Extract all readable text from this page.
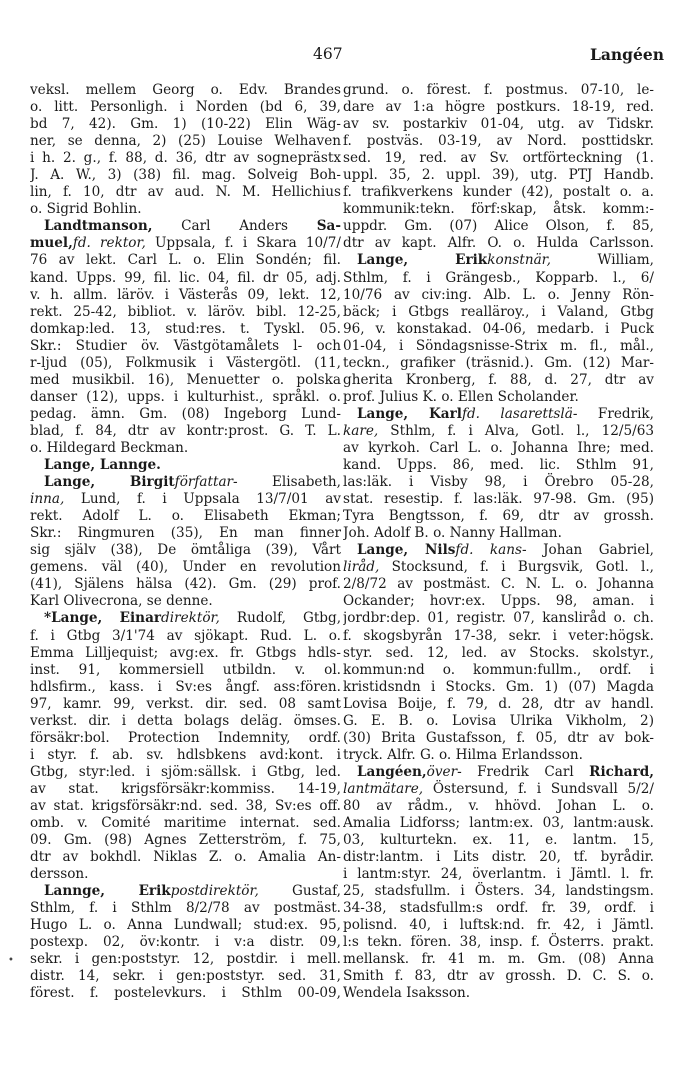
467	Langéen
veksl. mellem Georg o. Edv. Brandes
o. litt. Personligh. i Norden (bd 6, 39,
bd 7, 42). Gm. 1) (10-22) Elin Wäg-
ner, se denna, 2) (25) Louise Welhaven
i h. 2. g., f. 88, d. 36, dtr av sogneprästx
J. A. W., 3) (38) fil. mag. Solveig Boh-
lin, f. 10, dtr av aud. N. M. Hellichius
o. Sigrid Bohlin.
Landtmanson, Carl Anders Sa-
muel,fd. rektor, Uppsala, f. i Skara 10/7/
76 av lekt. Carl L. o. Elin Sondén; fil.
kand. Upps. 99, fil. lic. 04, fil. dr 05, adj.
v. h. allm. läröv. i Västerås 09, lekt. 12,
rekt. 25-42, bibliot. v. läröv. bibl. 12-25,
domkap:led. 13, stud:res. t. Tyskl. 05.
Skr.: Studier öv. Västgötamålets l- och
r-ljud (05), Folkmusik i Västergötl. (11,
med musikbil. 16), Menuetter o. polska
danser (12), upps. i kulturhist., språkl. o.
pedag. ämn. Gm. (08) Ingeborg Lund-
blad, f. 84, dtr av kontr:prost. G. T. L.
o. Hildegard Beckman.
Lange, Lannge.
Lange, Birgitförfattar- Elisabeth,
inna, Lund, f. i Uppsala 13/7/01 av
rekt. Adolf L. o. Elisabeth Ekman;
Skr.: Ringmuren (35), En man finner
sig själv (38), De ömtåliga (39), Vårt
gemens. väl (40), Under en revolution
(41), Själens hälsa (42). Gm. (29) prof.
Karl Olivecrona, se denne.
*Lange, Einardirektör, Rudolf, Gtbg,
f. i Gtbg 3/1'74 av sjökapt. Rud. L. o.
Emma Lilljequist; avg:ex. fr. Gtbgs hdls-
inst. 91, kommersiell utbildn. v. ol.
hdlsfirm., kass. i Sv:es ångf. ass:fören.
97, kamr. 99, verkst. dir. sed. 08 samt
verkst. dir. i detta bolags deläg. ömses.
försäkr:bol. Protection Indemnity, ordf.
i styr. f. ab. sv. hdlsbkens avd:kont. i
Gtbg, styr:led. i sjöm:sällsk. i Gtbg, led.
av stat. krigsförsäkr:kommiss. 14-19,
av stat. krigsförsäkr:nd. sed. 38, Sv:es off.
omb. v. Comité maritime internat. sed.
09. Gm. (98) Agnes Zetterström, f. 75,
dtr av bokhdl. Niklas Z. o. Amalia An-
dersson.
Lannge, Erikpostdirektör, Gustaf,
Sthlm, f. i Sthlm 8/2/78 av postmäst.
Hugo L. o. Anna Lundwall; stud:ex. 95,
postexp. 02, öv:kontr. i v:a distr. 09,
sekr. i gen:poststyr. 12, postdir. i mell.
distr. 14, sekr. i gen:poststyr. sed. 31,
förest. f. postelevkurs. i Sthlm 00-09,
grund. o. förest. f. postmus. 07-10, le-
dare av 1:a högre postkurs. 18-19, red.
av sv. postarkiv 01-04, utg. av Tidskr.
f. postväs. 03-19, av Nord. posttidskr.
sed. 19, red. av Sv. ortförteckning (1.
uppl. 35, 2. uppl. 39), utg. PTJ Handb.
f. trafikverkens kunder (42), postalt o. a.
kommunik:tekn. förf:skap, åtsk. komm:-
uppdr. Gm. (07) Alice Olson, f. 85,
dtr av kapt. Alfr. O. o. Hulda Carlsson.
Lange, Erikkonstnär, William,
Sthlm, f. i Grängesb., Kopparb. l., 6/
10/76 av civ:ing. Alb. L. o. Jenny Rön-
bäck; i Gtbgs realläroy., i Valand, Gtbg
96, v. konstakad. 04-06, medarb. i Puck
01-04, i Söndagsnisse-Strix m. fl., mål.,
teckn., grafiker (träsnid.). Gm. (12) Mar-
gherita Kronberg, f. 88, d. 27, dtr av
prof. Julius K. o. Ellen Scholander.
Lange, Karlfd. lasarettslä- Fredrik,
kare, Sthlm, f. i Alva, Gotl. l., 12/5/63
av kyrkoh. Carl L. o. Johanna Ihre; med.
kand. Upps. 86, med. lic. Sthlm 91,
las:läk. i Visby 98, i Örebro 05-28,
stat. resestip. f. las:läk. 97-98. Gm. (95)
Tyra Bengtsson, f. 69, dtr av grossh.
Joh. Adolf B. o. Nanny Hallman.
Lange, Nilsfd. kans- Johan Gabriel,
liråd, Stocksund, f. i Burgsvik, Gotl. l.,
2/8/72 av postmäst. C. N. L. o. Johanna
Ockander; hovr:ex. Upps. 98, aman. i
jordbr:dep. 01, registr. 07, kansliråd o. ch.
f. skogsbyrån 17-38, sekr. i veter:högsk.
styr. sed. 12, led. av Stocks. skolstyr.,
kommun:nd o. kommun:fullm., ordf. i
kristidsndn i Stocks. Gm. 1) (07) Magda
Lovisa Boije, f. 79, d. 28, dtr av handl.
G. E. B. o. Lovisa Ulrika Vikholm, 2)
(30) Brita Gustafsson, f. 05, dtr av bok-
tryck. Alfr. G. o. Hilma Erlandsson.
Langéen,över- Fredrik Carl Richard,
lantmätare, Östersund, f. i Sundsvall 5/2/
80 av rådm., v. hhövd. Johan L. o.
Amalia Lidforss; lantm:ex. 03, lantm:ausk.
03, kulturtekn. ex. 11, e. lantm. 15,
distr:lantm. i Lits distr. 20, tf. byrådir.
i lantm:styr. 24, överlantm. i Jämtl. l. fr.
25, stadsfullm. i Östers. 34, landstingsm.
34-38, stadsfullm:s ordf. fr. 39, ordf. i
polisnd. 40, i luftsk:nd. fr. 42, i Jämtl.
l:s tekn. fören. 38, insp. f. Österrs. prakt.
mellansk. fr. 41 m. m. Gm. (08) Anna
Smith f. 83, dtr av grossh. D. C. S. o.
Wendela Isaksson.
•
